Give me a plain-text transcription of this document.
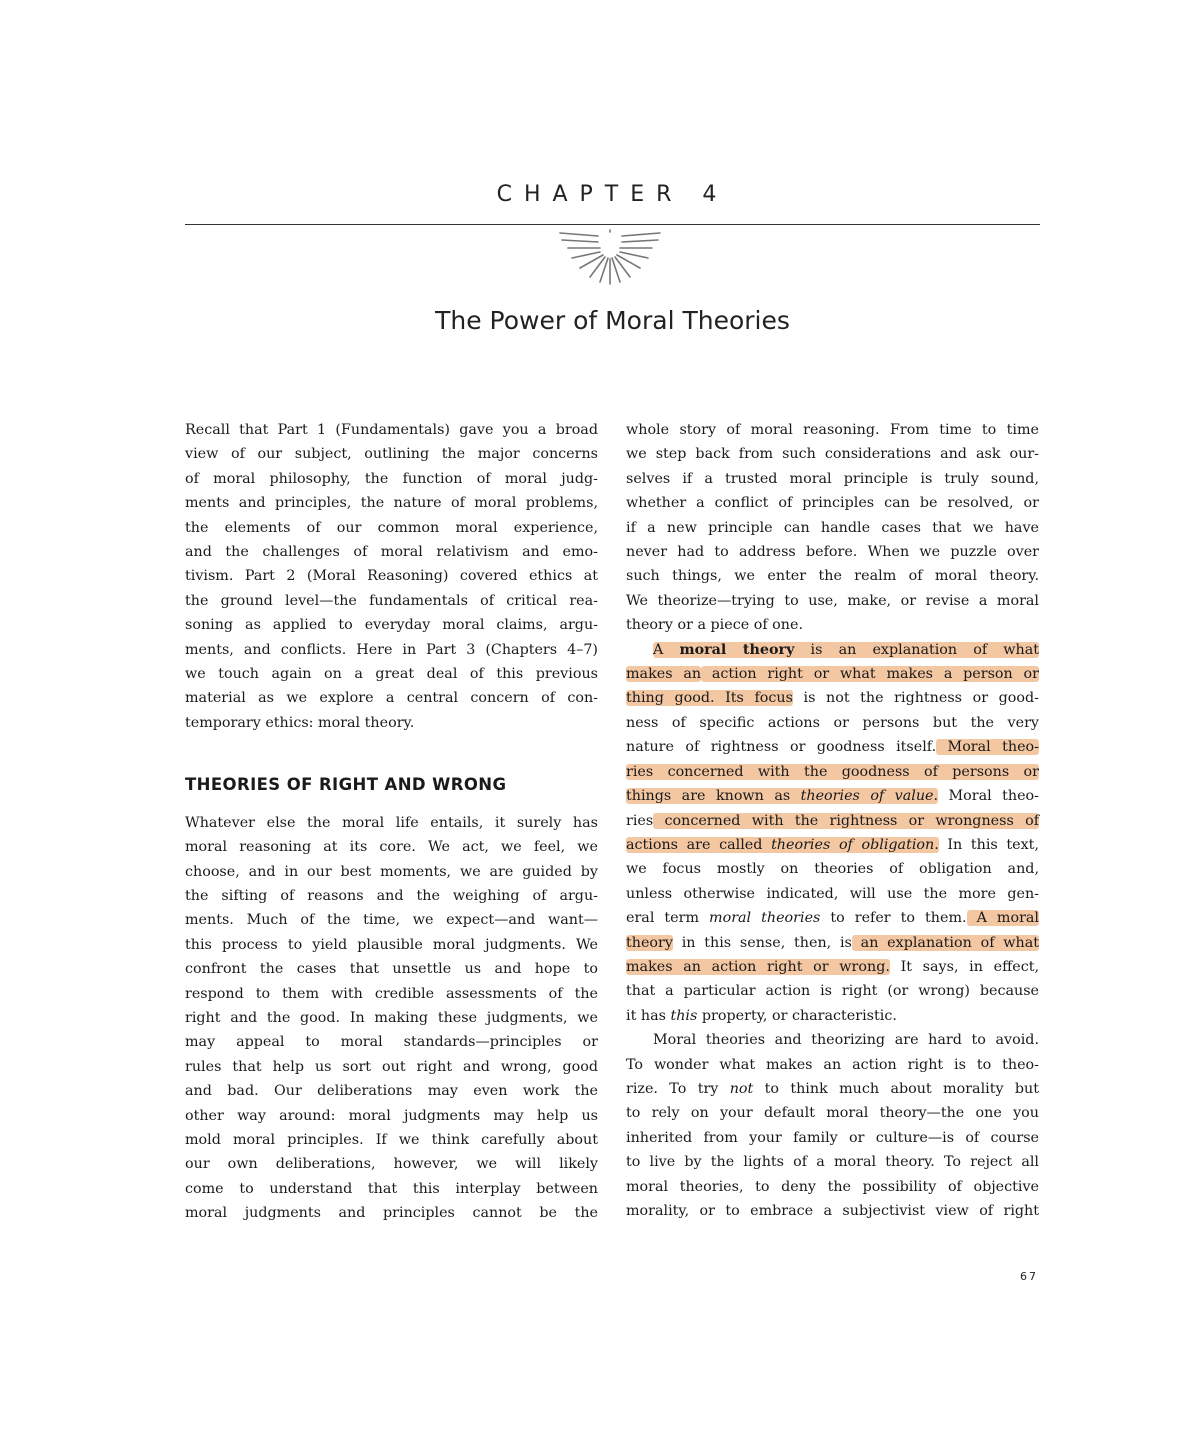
CHAPTER 4
The Power of Moral Theories

Recall that Part 1 (Fundamentals) gave you a broad

view of our subject, outlining the major concerns

of moral philosophy, the function of moral judg-

ments and principles, the nature of moral problems,

the elements of our common moral experience,

and the challenges of moral relativism and emo-

tivism. Part 2 (Moral Reasoning) covered ethics at

the ground level—the fundamentals of critical rea-

soning as applied to everyday moral claims, argu-

ments, and conflicts. Here in Part 3 (Chapters 4–7)

we touch again on a great deal of this previous

material as we explore a central concern of con-

temporary ethics: moral theory.

THEORIES OF RIGHT AND WRONG

Whatever else the moral life entails, it surely has

moral reasoning at its core. We act, we feel, we

choose, and in our best moments, we are guided by

the sifting of reasons and the weighing of argu-

ments. Much of the time, we expect—and want—

this process to yield plausible moral judgments. We

confront the cases that unsettle us and hope to

respond to them with credible assessments of the

right and the good. In making these judgments, we

may appeal to moral standards—principles or

rules that help us sort out right and wrong, good

and bad. Our deliberations may even work the

other way around: moral judgments may help us

mold moral principles. If we think carefully about

our own deliberations, however, we will likely

come to understand that this interplay between

moral judgments and principles cannot be the

whole story of moral reasoning. From time to time

we step back from such considerations and ask our-

selves if a trusted moral principle is truly sound,

whether a conflict of principles can be resolved, or

if a new principle can handle cases that we have

never had to address before. When we puzzle over

such things, we enter the realm of moral theory.

We theorize—trying to use, make, or revise a moral

theory or a piece of one.

A moral theory is an explanation of what

makes an action right or what makes a person or

thing good. Its focus is not the rightness or good-

ness of specific actions or persons but the very

nature of rightness or goodness itself. Moral theo-

ries concerned with the goodness of persons or

things are known as theories of value. Moral theo-

ries concerned with the rightness or wrongness of

actions are called theories of obligation. In this text,

we focus mostly on theories of obligation and,

unless otherwise indicated, will use the more gen-

eral term moral theories to refer to them. A moral

theory in this sense, then, is an explanation of what

makes an action right or wrong. It says, in effect,

that a particular action is right (or wrong) because

it has this property, or characteristic.

Moral theories and theorizing are hard to avoid.

To wonder what makes an action right is to theo-

rize. To try not to think much about morality but

to rely on your default moral theory—the one you

inherited from your family or culture—is of course

to live by the lights of a moral theory. To reject all

moral theories, to deny the possibility of objective

morality, or to embrace a subjectivist view of right

67
